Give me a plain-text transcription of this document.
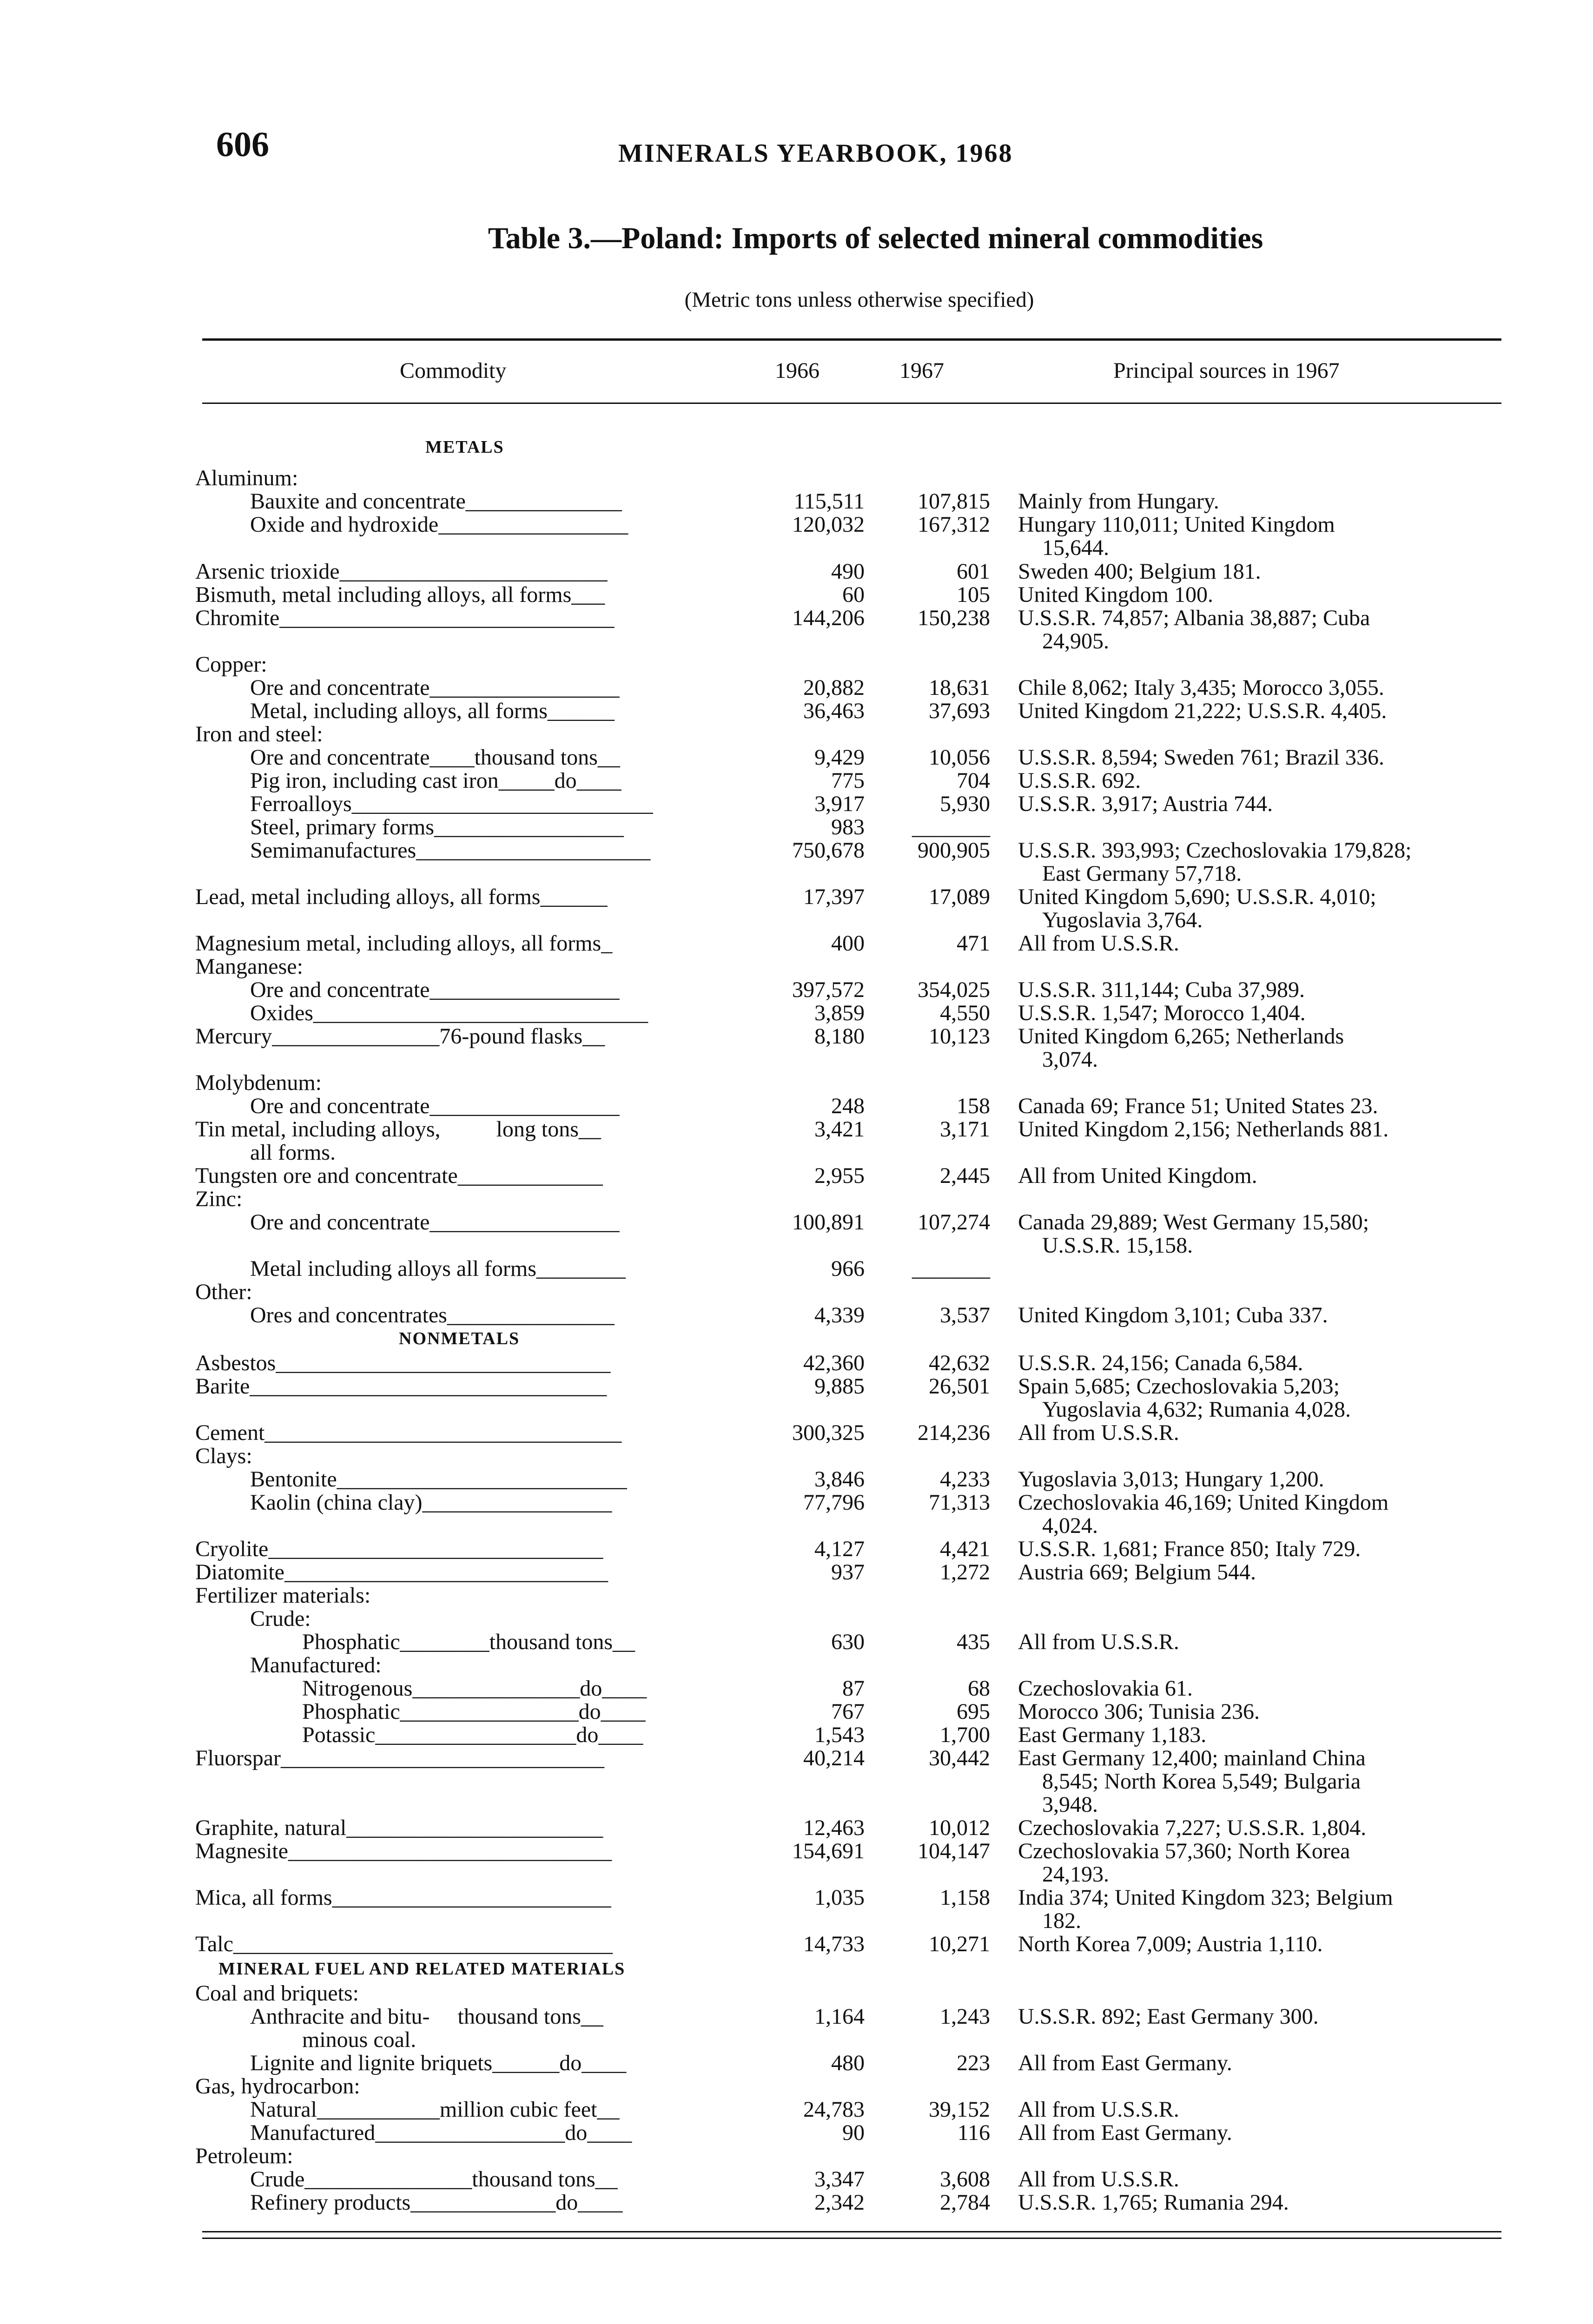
606	MINERALS YEARBOOK, 1968
Table 3.—Poland: Imports of selected mineral commodities
(Metric tons unless otherwise specified)
Commodity	1966	1967	Principal sources in 1967
METALS
NONMETALS
MINERAL FUEL AND RELATED MATERIALS
Aluminum:
Bauxite and concentrate______________	115,511	107,815 Mainly from Hungary.
Oxide and hydroxide_________________	120,032	167,312 Hungary 110,011; United Kingdom
15,644.
Arsenic trioxide________________________	490	601 Sweden 400; Belgium 181.
Bismuth, metal including alloys, all forms___	60	105 United Kingdom 100.
Chromite______________________________	144,206	150,238 U.S.S.R. 74,857; Albania 38,887; Cuba
24,905.
Copper:
Ore and concentrate_________________	20,882	18,631 Chile 8,062; Italy 3,435; Morocco 3,055.
Metal, including alloys, all forms______	36,463	37,693 United Kingdom 21,222; U.S.S.R. 4,405.
Iron and steel:
Ore and concentrate____thousand tons__	9,429	10,056 U.S.S.R. 8,594; Sweden 761; Brazil 336.
Pig iron, including cast iron_____do____	775	704 U.S.S.R. 692.
Ferroalloys___________________________	3,917	5,930 U.S.S.R. 3,917; Austria 744.
Steel, primary forms_________________	983	_______
Semimanufactures_____________________	750,678	900,905 U.S.S.R. 393,993; Czechoslovakia 179,828;
East Germany 57,718.
Lead, metal including alloys, all forms______	17,397	17,089 United Kingdom 5,690; U.S.S.R. 4,010;
Yugoslavia 3,764.
Magnesium metal, including alloys, all forms_	400	471 All from U.S.S.R.
Manganese:
Ore and concentrate_________________	397,572	354,025 U.S.S.R. 311,144; Cuba 37,989.
Oxides______________________________	3,859	4,550 U.S.S.R. 1,547; Morocco 1,404.
Mercury_______________76-pound flasks__	8,180	10,123 United Kingdom 6,265; Netherlands
3,074.
Molybdenum:
Ore and concentrate_________________	248	158 Canada 69; France 51; United States 23.
Tin metal, including alloys,          long tons__	3,421	3,171 United Kingdom 2,156; Netherlands 881.
all forms.
Tungsten ore and concentrate_____________	2,955	2,445 All from United Kingdom.
Zinc:
Ore and concentrate_________________	100,891	107,274 Canada 29,889; West Germany 15,580;
U.S.S.R. 15,158.
Metal including alloys all forms________	966	_______
Other:
Ores and concentrates_______________	4,339	3,537 United Kingdom 3,101; Cuba 337.
Asbestos______________________________	42,360	42,632 U.S.S.R. 24,156; Canada 6,584.
Barite________________________________	9,885	26,501 Spain 5,685; Czechoslovakia 5,203;
Yugoslavia 4,632; Rumania 4,028.
Cement________________________________	300,325	214,236 All from U.S.S.R.
Clays:
Bentonite__________________________	3,846	4,233 Yugoslavia 3,013; Hungary 1,200.
Kaolin (china clay)_________________	77,796	71,313 Czechoslovakia 46,169; United Kingdom
4,024.
Cryolite______________________________	4,127	4,421 U.S.S.R. 1,681; France 850; Italy 729.
Diatomite_____________________________	937	1,272 Austria 669; Belgium 544.
Fertilizer materials:
Crude:
Phosphatic________thousand tons__	630	435 All from U.S.S.R.
Manufactured:
Nitrogenous_______________do____	87	68 Czechoslovakia 61.
Phosphatic________________do____	767	695 Morocco 306; Tunisia 236.
Potassic__________________do____	1,543	1,700 East Germany 1,183.
Fluorspar_____________________________	40,214	30,442 East Germany 12,400; mainland China
8,545; North Korea 5,549; Bulgaria
3,948.
Graphite, natural_______________________	12,463	10,012 Czechoslovakia 7,227; U.S.S.R. 1,804.
Magnesite_____________________________	154,691	104,147 Czechoslovakia 57,360; North Korea
24,193.
Mica, all forms_________________________	1,035	1,158 India 374; United Kingdom 323; Belgium
182.
Talc__________________________________	14,733	10,271 North Korea 7,009; Austria 1,110.
Coal and briquets:
Anthracite and bitu-     thousand tons__	1,164	1,243 U.S.S.R. 892; East Germany 300.
minous coal.
Lignite and lignite briquets______do____	480	223 All from East Germany.
Gas, hydrocarbon:
Natural___________million cubic feet__	24,783	39,152 All from U.S.S.R.
Manufactured_________________do____	90	116 All from East Germany.
Petroleum:
Crude_______________thousand tons__	3,347	3,608 All from U.S.S.R.
Refinery products_____________do____	2,342	2,784 U.S.S.R. 1,765; Rumania 294.
